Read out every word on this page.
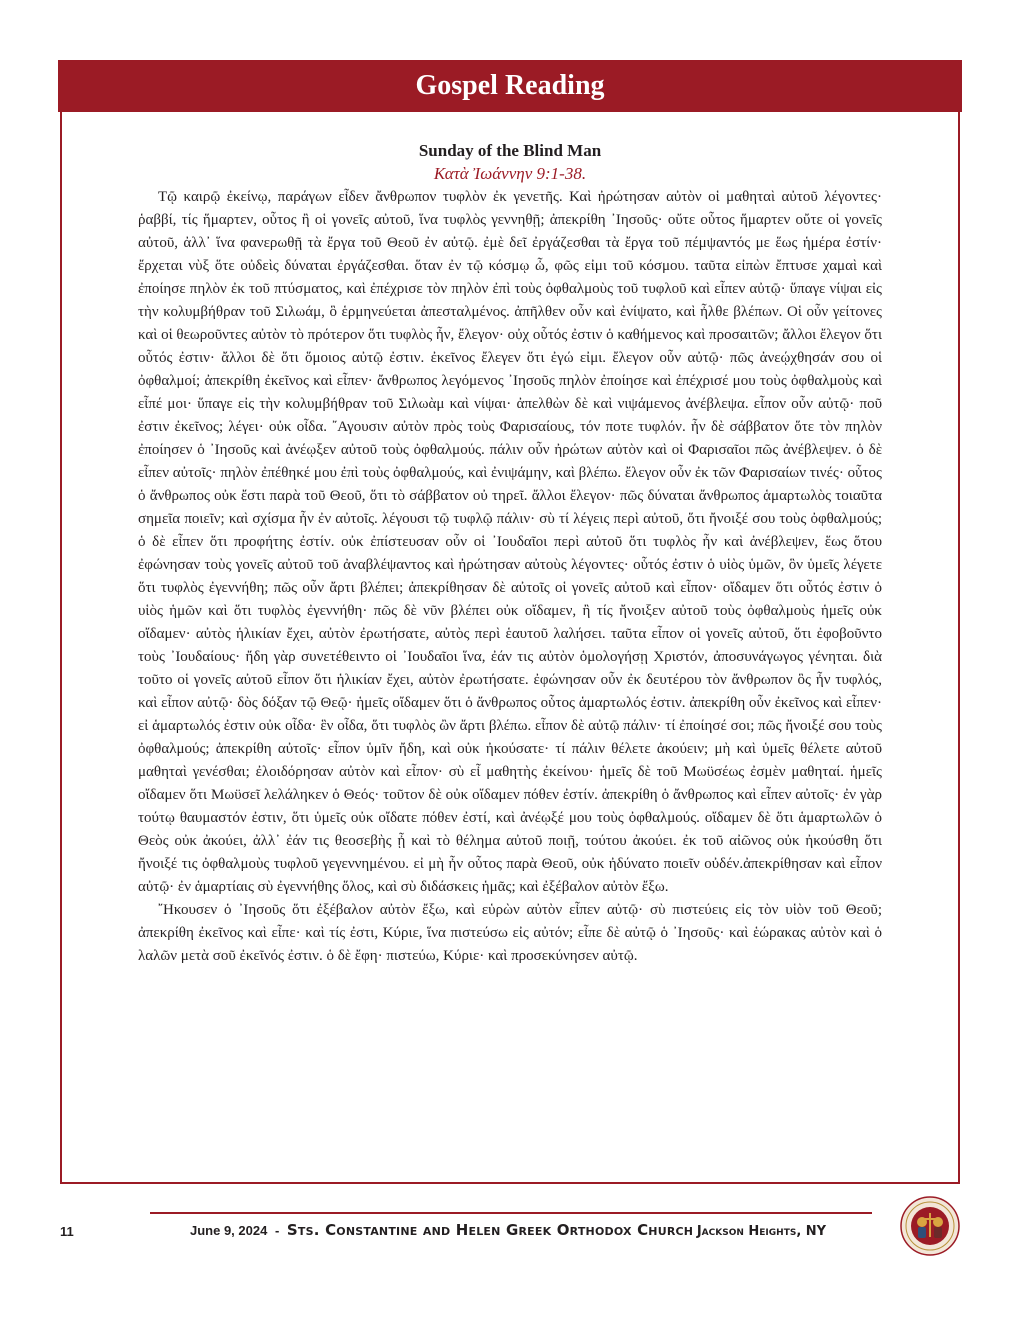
Gospel Reading
Sunday of the Blind Man
Κατὰ Ἰωάννην 9:1-38.

Τῷ καιρῷ ἐκείνῳ, παράγων εἶδεν ἄνθρωπον τυφλὸν ἐκ γενετῆς. Καὶ ἠρώτησαν αὐτὸν οἱ μαθηταὶ αὐτοῦ λέγοντες· ῥαββί, τίς ἥμαρτεν, οὗτος ἢ οἱ γονεῖς αὐτοῦ, ἵνα τυφλὸς γεννηθῇ; ἀπεκρίθη ᾿Ιησοῦς· οὔτε οὗτος ἥμαρτεν οὔτε οἱ γονεῖς αὐτοῦ, ἀλλ᾿ ἵνα φανερωθῇ τὰ ἔργα τοῦ Θεοῦ ἐν αὐτῷ. ἐμὲ δεῖ ἐργάζεσθαι τὰ ἔργα τοῦ πέμψαντός με ἕως ἡμέρα ἐστίν· ἔρχεται νὺξ ὅτε οὐδεὶς δύναται ἐργάζεσθαι. ὅταν ἐν τῷ κόσμῳ ὦ, φῶς εἰμι τοῦ κόσμου. ταῦτα εἰπὼν ἔπτυσε χαμαὶ καὶ ἐποίησε πηλὸν ἐκ τοῦ πτύσματος, καὶ ἐπέχρισε τὸν πηλὸν ἐπὶ τοὺς ὀφθαλμοὺς τοῦ τυφλοῦ καὶ εἶπεν αὐτῷ· ὕπαγε νίψαι εἰς τὴν κολυμβήθραν τοῦ Σιλωάμ, ὃ ἑρμηνεύεται ἀπεσταλμένος. ἀπῆλθεν οὖν καὶ ἐνίψατο, καὶ ἦλθε βλέπων. Οἱ οὖν γείτονες καὶ οἱ θεωροῦντες αὐτὸν τὸ πρότερον ὅτι τυφλὸς ἦν, ἔλεγον· οὐχ οὗτός ἐστιν ὁ καθήμενος καὶ προσαιτῶν; ἄλλοι ἔλεγον ὅτι οὗτός ἐστιν· ἄλλοι δὲ ὅτι ὅμοιος αὐτῷ ἐστιν. ἐκεῖνος ἔλεγεν ὅτι ἐγώ εἰμι. ἔλεγον οὖν αὐτῷ· πῶς ἀνεῴχθησάν σου οἱ ὀφθαλμοί; ἀπεκρίθη ἐκεῖνος καὶ εἶπεν· ἄνθρωπος λεγόμενος ᾿Ιησοῦς πηλὸν ἐποίησε καὶ ἐπέχρισέ μου τοὺς ὀφθαλμοὺς καὶ εἶπέ μοι· ὕπαγε εἰς τὴν κολυμβήθραν τοῦ Σιλωὰμ καὶ νίψαι· ἀπελθὼν δὲ καὶ νιψάμενος ἀνέβλεψα. εἶπον οὖν αὐτῷ· ποῦ ἐστιν ἐκεῖνος; λέγει· οὐκ οἶδα. ῎Αγουσιν αὐτὸν πρὸς τοὺς Φαρισαίους, τόν ποτε τυφλόν. ἦν δὲ σάββατον ὅτε τὸν πηλὸν ἐποίησεν ὁ ᾿Ιησοῦς καὶ ἀνέῳξεν αὐτοῦ τοὺς ὀφθαλμούς. πάλιν οὖν ἠρώτων αὐτὸν καὶ οἱ Φαρισαῖοι πῶς ἀνέβλεψεν. ὁ δὲ εἶπεν αὐτοῖς· πηλὸν ἐπέθηκέ μου ἐπὶ τοὺς ὀφθαλμούς, καὶ ἐνιψάμην, καὶ βλέπω. ἔλεγον οὖν ἐκ τῶν Φαρισαίων τινές· οὗτος ὁ ἄνθρωπος οὐκ ἔστι παρὰ τοῦ Θεοῦ, ὅτι τὸ σάββατον οὐ τηρεῖ. ἄλλοι ἔλεγον· πῶς δύναται ἄνθρωπος ἁμαρτωλὸς τοιαῦτα σημεῖα ποιεῖν; καὶ σχίσμα ἦν ἐν αὐτοῖς. λέγουσι τῷ τυφλῷ πάλιν· σὺ τί λέγεις περὶ αὐτοῦ, ὅτι ἤνοιξέ σου τοὺς ὀφθαλμούς; ὁ δὲ εἶπεν ὅτι προφήτης ἐστίν. οὐκ ἐπίστευσαν οὖν οἱ ᾿Ιουδαῖοι περὶ αὐτοῦ ὅτι τυφλὸς ἦν καὶ ἀνέβλεψεν, ἕως ὅτου ἐφώνησαν τοὺς γονεῖς αὐτοῦ τοῦ ἀναβλέψαντος καὶ ἠρώτησαν αὐτοὺς λέγοντες· οὗτός ἐστιν ὁ υἱὸς ὑμῶν, ὃν ὑμεῖς λέγετε ὅτι τυφλὸς ἐγεννήθη; πῶς οὖν ἄρτι βλέπει; ἀπεκρίθησαν δὲ αὐτοῖς οἱ γονεῖς αὐτοῦ καὶ εἶπον· οἴδαμεν ὅτι οὗτός ἐστιν ὁ υἱὸς ἡμῶν καὶ ὅτι τυφλὸς ἐγεννήθη· πῶς δὲ νῦν βλέπει οὐκ οἴδαμεν, ἢ τίς ἤνοιξεν αὐτοῦ τοὺς ὀφθαλμοὺς ἡμεῖς οὐκ οἴδαμεν· αὐτὸς ἡλικίαν ἔχει, αὐτὸν ἐρωτήσατε, αὐτὸς περὶ ἑαυτοῦ λαλήσει. ταῦτα εἶπον οἱ γονεῖς αὐτοῦ, ὅτι ἐφοβοῦντο τοὺς ᾿Ιουδαίους· ἤδη γὰρ συνετέθειντο οἱ ᾿Ιουδαῖοι ἵνα, ἐάν τις αὐτὸν ὁμολογήσῃ Χριστόν, ἀποσυνάγωγος γένηται. διὰ τοῦτο οἱ γονεῖς αὐτοῦ εἶπον ὅτι ἡλικίαν ἔχει, αὐτὸν ἐρωτήσατε. ἐφώνησαν οὖν ἐκ δευτέρου τὸν ἄνθρωπον ὃς ἦν τυφλός, καὶ εἶπον αὐτῷ· δὸς δόξαν τῷ Θεῷ· ἡμεῖς οἴδαμεν ὅτι ὁ ἄνθρωπος οὗτος ἁμαρτωλός ἐστιν. ἀπεκρίθη οὖν ἐκεῖνος καὶ εἶπεν· εἰ ἁμαρτωλός ἐστιν οὐκ οἶδα· ἓν οἶδα, ὅτι τυφλὸς ὢν ἄρτι βλέπω. εἶπον δὲ αὐτῷ πάλιν· τί ἐποίησέ σοι; πῶς ἤνοιξέ σου τοὺς ὀφθαλμούς; ἀπεκρίθη αὐτοῖς· εἶπον ὑμῖν ἤδη, καὶ οὐκ ἠκούσατε· τί πάλιν θέλετε ἀκούειν; μὴ καὶ ὑμεῖς θέλετε αὐτοῦ μαθηταὶ γενέσθαι; ἐλοιδόρησαν αὐτὸν καὶ εἶπον· σὺ εἶ μαθητὴς ἐκείνου· ἡμεῖς δὲ τοῦ Μωϋσέως ἐσμὲν μαθηταί. ἡμεῖς οἴδαμεν ὅτι Μωϋσεῖ λελάληκεν ὁ Θεός· τοῦτον δὲ οὐκ οἴδαμεν πόθεν ἐστίν. ἀπεκρίθη ὁ ἄνθρωπος καὶ εἶπεν αὐτοῖς· ἐν γὰρ τούτῳ θαυμαστόν ἐστιν, ὅτι ὑμεῖς οὐκ οἴδατε πόθεν ἐστί, καὶ ἀνέῳξέ μου τοὺς ὀφθαλμούς. οἴδαμεν δὲ ὅτι ἁμαρτωλῶν ὁ Θεὸς οὐκ ἀκούει, ἀλλ᾿ ἐάν τις θεοσεβὴς ᾖ καὶ τὸ θέλημα αὐτοῦ ποιῇ, τούτου ἀκούει. ἐκ τοῦ αἰῶνος οὐκ ἠκούσθη ὅτι ἤνοιξέ τις ὀφθαλμοὺς τυφλοῦ γεγεννημένου. εἰ μὴ ἦν οὗτος παρὰ Θεοῦ, οὐκ ἠδύνατο ποιεῖν οὐδέν.ἀπεκρίθησαν καὶ εἶπον αὐτῷ· ἐν ἁμαρτίαις σὺ ἐγεννήθης ὅλος, καὶ σὺ διδάσκεις ἡμᾶς; καὶ ἐξέβαλον αὐτὸν ἔξω.

῎Ηκουσεν ὁ ᾿Ιησοῦς ὅτι ἐξέβαλον αὐτὸν ἔξω, καὶ εὑρὼν αὐτὸν εἶπεν αὐτῷ· σὺ πιστεύεις εἰς τὸν υἱὸν τοῦ Θεοῦ; ἀπεκρίθη ἐκεῖνος καὶ εἶπε· καὶ τίς ἐστι, Κύριε, ἵνα πιστεύσω εἰς αὐτόν; εἶπε δὲ αὐτῷ ὁ ᾿Ιησοῦς· καὶ ἑώρακας αὐτὸν καὶ ὁ λαλῶν μετὰ σοῦ ἐκεῖνός ἐστιν. ὁ δὲ ἔφη· πιστεύω, Κύριε· καὶ προσεκύνησεν αὐτῷ.

11	June 9, 2024 - Sts. Constantine and Helen Greek Orthodox Church Jackson Heights, NY
